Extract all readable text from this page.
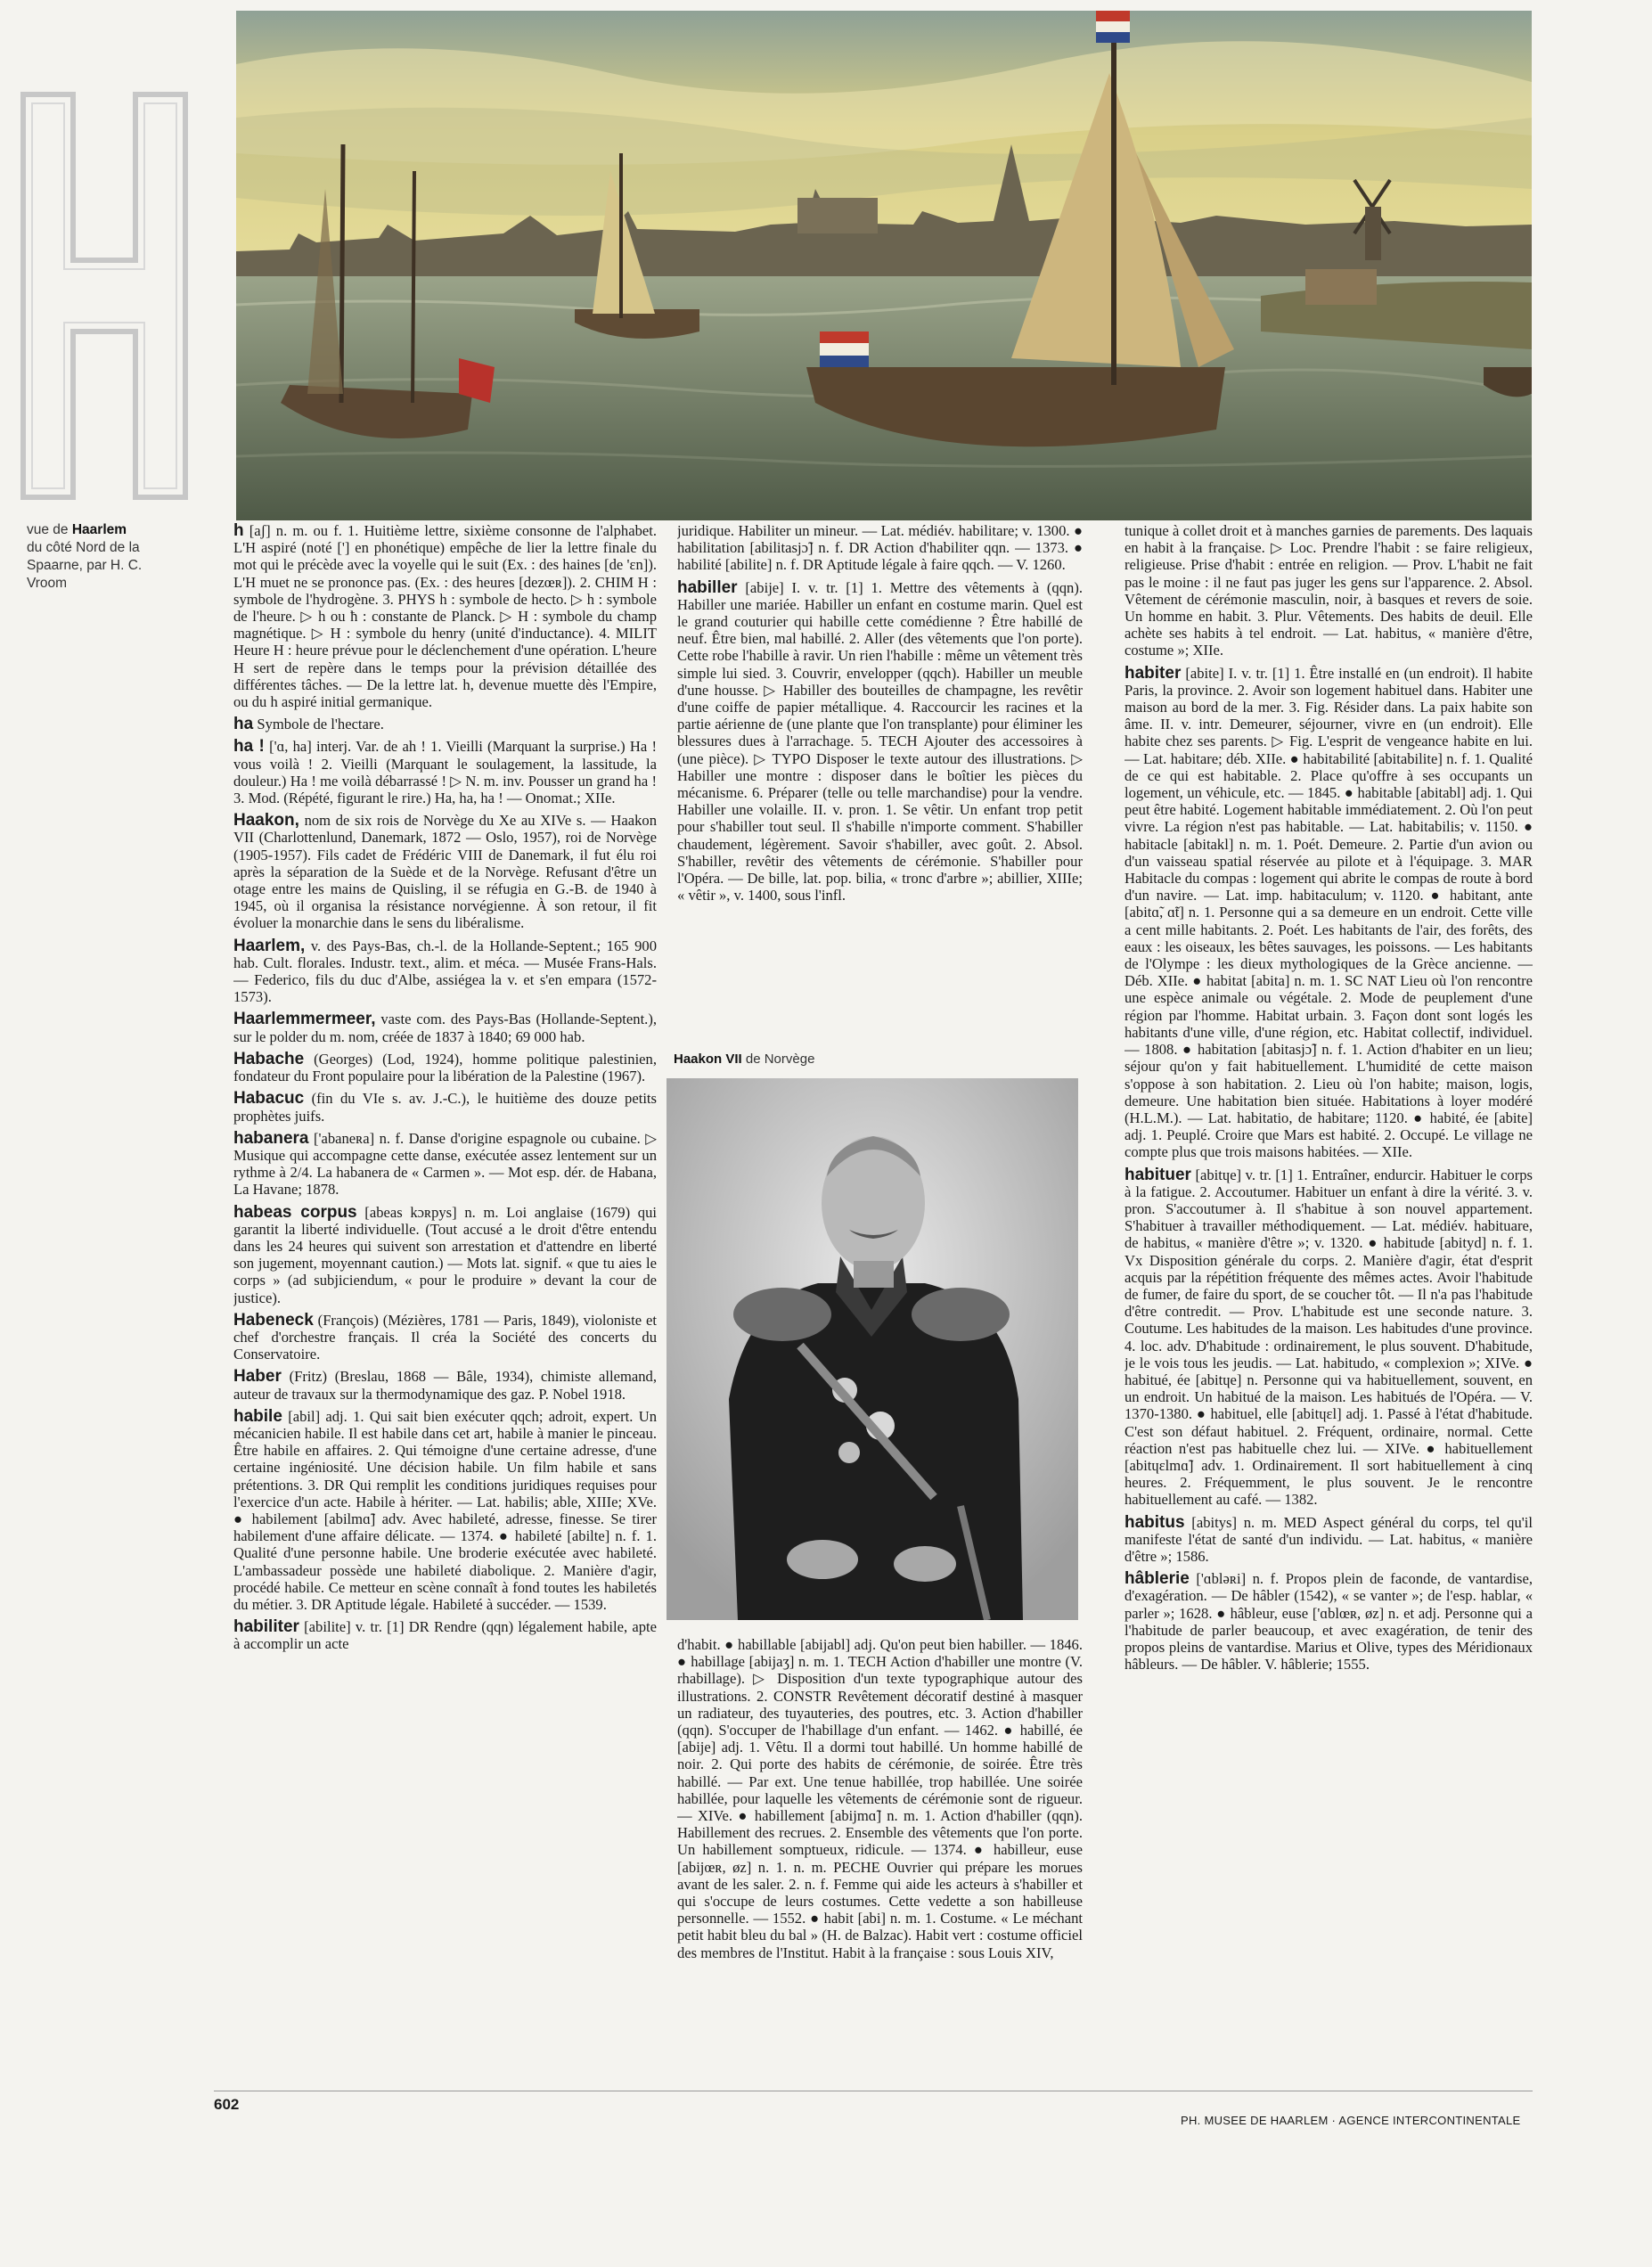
H
vue de Haarlem
du côté Nord de la Spaarne, par H. C. Vroom

h [aʃ] n. m. ou f. 1. Huitième lettre, sixième consonne de l'alphabet. L'H aspiré (noté ['] en phonétique) empêche de lier la lettre finale du mot qui le précède avec la voyelle qui le suit (Ex. : des haines [de 'ɛn]). L'H muet ne se prononce pas. (Ex. : des heures [dezœʀ]). 2. CHIM H : symbole de l'hydrogène. 3. PHYS h : symbole de hecto. ▷ h : symbole de l'heure. ▷ h ou ħ : constante de Planck. ▷ H : symbole du champ magnétique. ▷ H : symbole du henry (unité d'inductance). 4. MILIT Heure H : heure prévue pour le déclenchement d'une opération. L'heure H sert de repère dans le temps pour la prévision détaillée des différentes tâches. — De la lettre lat. h, devenue muette dès l'Empire, ou du h aspiré initial germanique.

ha Symbole de l'hectare.

ha ! ['ɑ, ha] interj. Var. de ah ! 1. Vieilli (Marquant la surprise.) Ha ! vous voilà ! 2. Vieilli (Marquant le soulagement, la lassitude, la douleur.) Ha ! me voilà débarrassé ! ▷ N. m. inv. Pousser un grand ha ! 3. Mod. (Répété, figurant le rire.) Ha, ha, ha ! — Onomat.; XIIe.

Haakon, nom de six rois de Norvège du Xe au XIVe s. — Haakon VII (Charlottenlund, Danemark, 1872 — Oslo, 1957), roi de Norvège (1905-1957). Fils cadet de Frédéric VIII de Danemark, il fut élu roi après la séparation de la Suède et de la Norvège. Refusant d'être un otage entre les mains de Quisling, il se réfugia en G.-B. de 1940 à 1945, où il organisa la résistance norvégienne. À son retour, il fit évoluer la monarchie dans le sens du libéralisme.

Haarlem, v. des Pays-Bas, ch.-l. de la Hollande-Septent.; 165 900 hab. Cult. florales. Industr. text., alim. et méca. — Musée Frans-Hals. — Federico, fils du duc d'Albe, assiégea la v. et s'en empara (1572-1573).

Haarlemmermeer, vaste com. des Pays-Bas (Hollande-Septent.), sur le polder du m. nom, créée de 1837 à 1840; 69 000 hab.

Habache (Georges) (Lod, 1924), homme politique palestinien, fondateur du Front populaire pour la libération de la Palestine (1967).

Habacuc (fin du VIe s. av. J.-C.), le huitième des douze petits prophètes juifs.

habanera ['abaneʀa] n. f. Danse d'origine espagnole ou cubaine. ▷ Musique qui accompagne cette danse, exécutée assez lentement sur un rythme à 2/4. La habanera de « Carmen ». — Mot esp. dér. de Habana, La Havane; 1878.

habeas corpus [abeas kɔʀpys] n. m. Loi anglaise (1679) qui garantit la liberté individuelle. (Tout accusé a le droit d'être entendu dans les 24 heures qui suivent son arrestation et d'attendre en liberté son jugement, moyennant caution.) — Mots lat. signif. « que tu aies le corps » (ad subjiciendum, « pour le produire » devant la cour de justice).

Habeneck (François) (Mézières, 1781 — Paris, 1849), violoniste et chef d'orchestre français. Il créa la Société des concerts du Conservatoire.

Haber (Fritz) (Breslau, 1868 — Bâle, 1934), chimiste allemand, auteur de travaux sur la thermodynamique des gaz. P. Nobel 1918.

habile [abil] adj. 1. Qui sait bien exécuter qqch; adroit, expert. Un mécanicien habile. Il est habile dans cet art, habile à manier le pinceau. Être habile en affaires. 2. Qui témoigne d'une certaine adresse, d'une certaine ingéniosité. Une décision habile. Un film habile et sans prétentions. 3. DR Qui remplit les conditions juridiques requises pour l'exercice d'un acte. Habile à hériter. — Lat. habilis; able, XIIIe; XVe. ● habilement [abilmɑ̃] adv. Avec habileté, adresse, finesse. Se tirer habilement d'une affaire délicate. — 1374. ● habileté [abilte] n. f. 1. Qualité d'une personne habile. Une broderie exécutée avec habileté. L'ambassadeur possède une habileté diabolique. 2. Manière d'agir, procédé habile. Ce metteur en scène connaît à fond toutes les habiletés du métier. 3. DR Aptitude légale. Habileté à succéder. — 1539.

habiliter [abilite] v. tr. [1] DR Rendre (qqn) légalement habile, apte à accomplir un acte

juridique. Habiliter un mineur. — Lat. médiév. habilitare; v. 1300. ● habilitation [abilitasjɔ̃] n. f. DR Action d'habiliter qqn. — 1373. ● habilité [abilite] n. f. DR Aptitude légale à faire qqch. — V. 1260.

habiller [abije] I. v. tr. [1] 1. Mettre des vêtements à (qqn). Habiller une mariée. Habiller un enfant en costume marin. Quel est le grand couturier qui habille cette comédienne ? Être habillé de neuf. Être bien, mal habillé. 2. Aller (des vêtements que l'on porte). Cette robe l'habille à ravir. Un rien l'habille : même un vêtement très simple lui sied. 3. Couvrir, envelopper (qqch). Habiller un meuble d'une housse. ▷ Habiller des bouteilles de champagne, les revêtir d'une coiffe de papier métallique. 4. Raccourcir les racines et la partie aérienne de (une plante que l'on transplante) pour éliminer les blessures dues à l'arrachage. 5. TECH Ajouter des accessoires à (une pièce). ▷ TYPO Disposer le texte autour des illustrations. ▷ Habiller une montre : disposer dans le boîtier les pièces du mécanisme. 6. Préparer (telle ou telle marchandise) pour la vendre. Habiller une volaille. II. v. pron. 1. Se vêtir. Un enfant trop petit pour s'habiller tout seul. Il s'habille n'importe comment. S'habiller chaudement, légèrement. Savoir s'habiller, avec goût. 2. Absol. S'habiller, revêtir des vêtements de cérémonie. S'habiller pour l'Opéra. — De bille, lat. pop. bilia, « tronc d'arbre »; abillier, XIIIe; « vêtir », v. 1400, sous l'infl.

Haakon VII de Norvège

d'habit. ● habillable [abijabl] adj. Qu'on peut bien habiller. — 1846. ● habillage [abijaʒ] n. m. 1. TECH Action d'habiller une montre (V. rhabillage). ▷ Disposition d'un texte typographique autour des illustrations. 2. CONSTR Revêtement décoratif destiné à masquer un radiateur, des tuyauteries, des poutres, etc. 3. Action d'habiller (qqn). S'occuper de l'habillage d'un enfant. — 1462. ● habillé, ée [abije] adj. 1. Vêtu. Il a dormi tout habillé. Un homme habillé de noir. 2. Qui porte des habits de cérémonie, de soirée. Être très habillé. — Par ext. Une tenue habillée, trop habillée. Une soirée habillée, pour laquelle les vêtements de cérémonie sont de rigueur. — XIVe. ● habillement [abijmɑ̃] n. m. 1. Action d'habiller (qqn). Habillement des recrues. 2. Ensemble des vêtements que l'on porte. Un habillement somptueux, ridicule. — 1374. ● habilleur, euse [abijœʀ, øz] n. 1. n. m. PECHE Ouvrier qui prépare les morues avant de les saler. 2. n. f. Femme qui aide les acteurs à s'habiller et qui s'occupe de leurs costumes. Cette vedette a son habilleuse personnelle. — 1552. ● habit [abi] n. m. 1. Costume. « Le méchant petit habit bleu du bal » (H. de Balzac). Habit vert : costume officiel des membres de l'Institut. Habit à la française : sous Louis XIV,

tunique à collet droit et à manches garnies de parements. Des laquais en habit à la française. ▷ Loc. Prendre l'habit : se faire religieux, religieuse. Prise d'habit : entrée en religion. — Prov. L'habit ne fait pas le moine : il ne faut pas juger les gens sur l'apparence. 2. Absol. Vêtement de cérémonie masculin, noir, à basques et revers de soie. Un homme en habit. 3. Plur. Vêtements. Des habits de deuil. Elle achète ses habits à tel endroit. — Lat. habitus, « manière d'être, costume »; XIIe.

habiter [abite] I. v. tr. [1] 1. Être installé en (un endroit). Il habite Paris, la province. 2. Avoir son logement habituel dans. Habiter une maison au bord de la mer. 3. Fig. Résider dans. La paix habite son âme. II. v. intr. Demeurer, séjourner, vivre en (un endroit). Elle habite chez ses parents. ▷ Fig. L'esprit de vengeance habite en lui. — Lat. habitare; déb. XIIe. ● habitabilité [abitabilite] n. f. 1. Qualité de ce qui est habitable. 2. Place qu'offre à ses occupants un logement, un véhicule, etc. — 1845. ● habitable [abitabl] adj. 1. Qui peut être habité. Logement habitable immédiatement. 2. Où l'on peut vivre. La région n'est pas habitable. — Lat. habitabilis; v. 1150. ● habitacle [abitakl] n. m. 1. Poét. Demeure. 2. Partie d'un avion ou d'un vaisseau spatial réservée au pilote et à l'équipage. 3. MAR Habitacle du compas : logement qui abrite le compas de route à bord d'un navire. — Lat. imp. habitaculum; v. 1120. ● habitant, ante [abitɑ̃, ɑ̃t] n. 1. Personne qui a sa demeure en un endroit. Cette ville a cent mille habitants. 2. Poét. Les habitants de l'air, des forêts, des eaux : les oiseaux, les bêtes sauvages, les poissons. — Les habitants de l'Olympe : les dieux mythologiques de la Grèce ancienne. — Déb. XIIe. ● habitat [abita] n. m. 1. SC NAT Lieu où l'on rencontre une espèce animale ou végétale. 2. Mode de peuplement d'une région par l'homme. Habitat urbain. 3. Façon dont sont logés les habitants d'une ville, d'une région, etc. Habitat collectif, individuel. — 1808. ● habitation [abitasjɔ̃] n. f. 1. Action d'habiter en un lieu; séjour qu'on y fait habituellement. L'humidité de cette maison s'oppose à son habitation. 2. Lieu où l'on habite; maison, logis, demeure. Une habitation bien située. Habitations à loyer modéré (H.L.M.). — Lat. habitatio, de habitare; 1120. ● habité, ée [abite] adj. 1. Peuplé. Croire que Mars est habité. 2. Occupé. Le village ne compte plus que trois maisons habitées. — XIIe.

habituer [abitɥe] v. tr. [1] 1. Entraîner, endurcir. Habituer le corps à la fatigue. 2. Accoutumer. Habituer un enfant à dire la vérité. 3. v. pron. S'accoutumer à. Il s'habitue à son nouvel appartement. S'habituer à travailler méthodiquement. — Lat. médiév. habituare, de habitus, « manière d'être »; v. 1320. ● habitude [abityd] n. f. 1. Vx Disposition générale du corps. 2. Manière d'agir, état d'esprit acquis par la répétition fréquente des mêmes actes. Avoir l'habitude de fumer, de faire du sport, de se coucher tôt. — Il n'a pas l'habitude d'être contredit. — Prov. L'habitude est une seconde nature. 3. Coutume. Les habitudes de la maison. Les habitudes d'une province. 4. loc. adv. D'habitude : ordinairement, le plus souvent. D'habitude, je le vois tous les jeudis. — Lat. habitudo, « complexion »; XIVe. ● habitué, ée [abitɥe] n. Personne qui va habituellement, souvent, en un endroit. Un habitué de la maison. Les habitués de l'Opéra. — V. 1370-1380. ● habituel, elle [abitɥɛl] adj. 1. Passé à l'état d'habitude. C'est son défaut habituel. 2. Fréquent, ordinaire, normal. Cette réaction n'est pas habituelle chez lui. — XIVe. ● habituellement [abitɥɛlmɑ̃] adv. 1. Ordinairement. Il sort habituellement à cinq heures. 2. Fréquemment, le plus souvent. Je le rencontre habituellement au café. — 1382.

habitus [abitys] n. m. MED Aspect général du corps, tel qu'il manifeste l'état de santé d'un individu. — Lat. habitus, « manière d'être »; 1586.

hâblerie ['ɑbləʀi] n. f. Propos plein de faconde, de vantardise, d'exagération. — De hâbler (1542), « se vanter »; de l'esp. hablar, « parler »; 1628. ● hâbleur, euse ['ɑblœʀ, øz] n. et adj. Personne qui a l'habitude de parler beaucoup, et avec exagération, de tenir des propos pleins de vantardise. Marius et Olive, types des Méridionaux hâbleurs. — De hâbler. V. hâblerie; 1555.

602
PH. MUSEE DE HAARLEM · AGENCE INTERCONTINENTALE
